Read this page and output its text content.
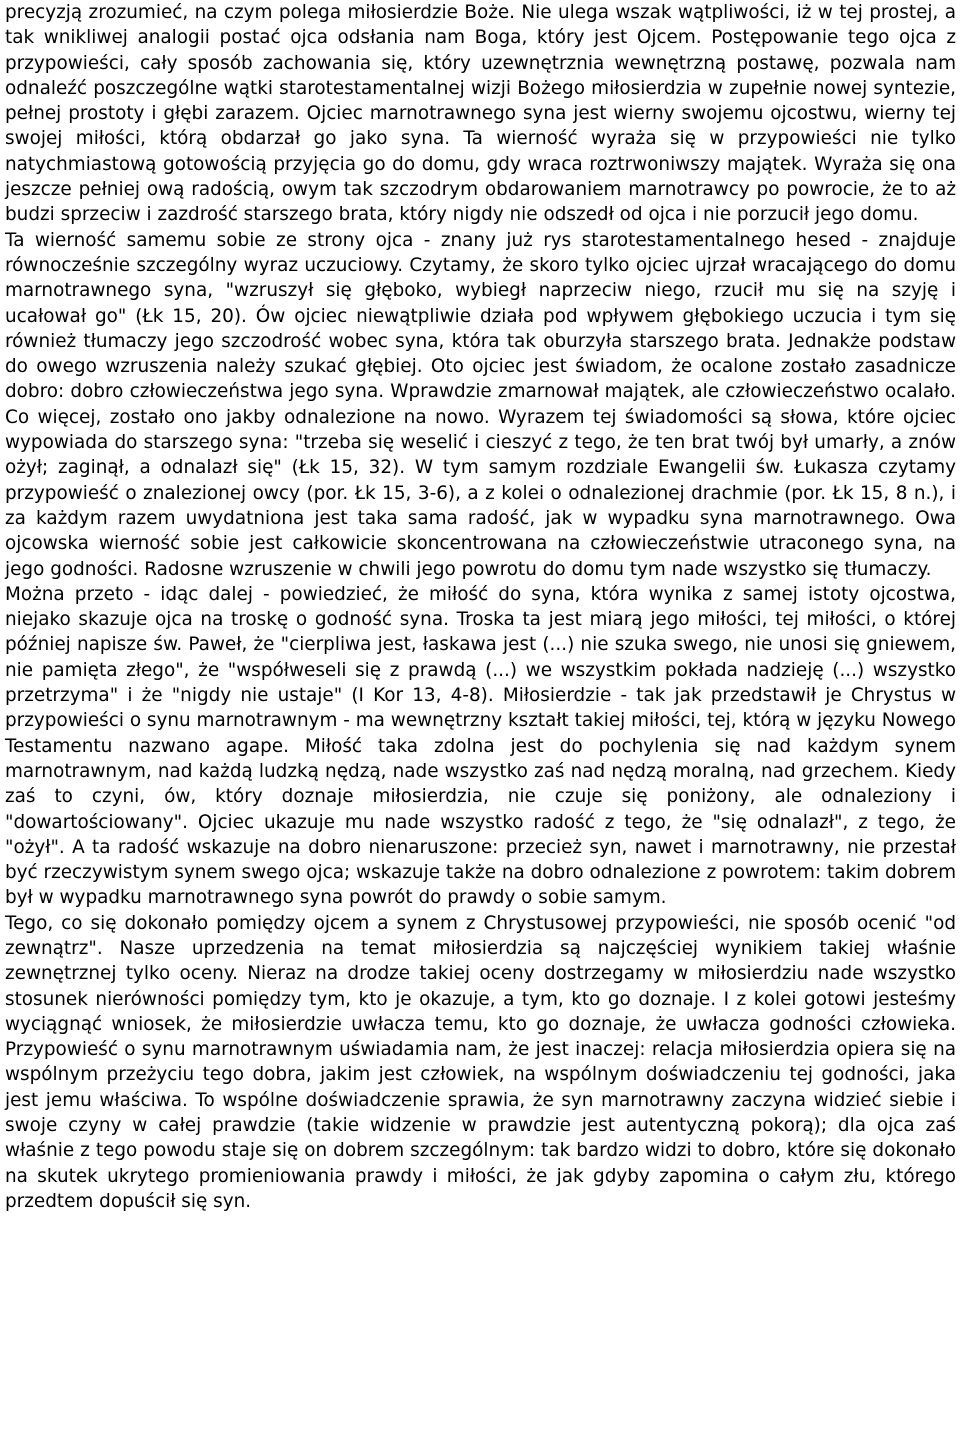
precyzją zrozumieć, na czym polega miłosierdzie Boże. Nie ulega wszak wątpliwości, iż w tej prostej, a tak wnikliwej analogii postać ojca odsłania nam Boga, który jest Ojcem. Postępowanie tego ojca z przypowieści, cały sposób zachowania się, który uzewnętrznia wewnętrzną postawę, pozwala nam odnaleźć poszczególne wątki starotestamentalnej wizji Bożego miłosierdzia w zupełnie nowej syntezie, pełnej prostoty i głębi zarazem. Ojciec marnotrawnego syna jest wierny swojemu ojcostwu, wierny tej swojej miłości, którą obdarzał go jako syna. Ta wierność wyraża się w przypowieści nie tylko natychmiastową gotowością przyjęcia go do domu, gdy wraca roztrwoniwszy majątek. Wyraża się ona jeszcze pełniej ową radością, owym tak szczodrym obdarowaniem marnotrawcy po powrocie, że to aż budzi sprzeciw i zazdrość starszego brata, który nigdy nie odszedł od ojca i nie porzucił jego domu.

Ta wierność samemu sobie ze strony ojca - znany już rys starotestamentalnego hesed - znajduje równocześnie szczególny wyraz uczuciowy. Czytamy, że skoro tylko ojciec ujrzał wracającego do domu marnotrawnego syna, "wzruszył się głęboko, wybiegł naprzeciw niego, rzucił mu się na szyję i ucałował go" (Łk 15, 20). Ów ojciec niewątpliwie działa pod wpływem głębokiego uczucia i tym się również tłumaczy jego szczodrość wobec syna, która tak oburzyła starszego brata. Jednakże podstaw do owego wzruszenia należy szukać głębiej. Oto ojciec jest świadom, że ocalone zostało zasadnicze dobro: dobro człowieczeństwa jego syna. Wprawdzie zmarnował majątek, ale człowieczeństwo ocalało. Co więcej, zostało ono jakby odnalezione na nowo. Wyrazem tej świadomości są słowa, które ojciec wypowiada do starszego syna: "trzeba się weselić i cieszyć z tego, że ten brat twój był umarły, a znów ożył; zaginął, a odnalazł się" (Łk 15, 32). W tym samym rozdziale Ewangelii św. Łukasza czytamy przypowieść o znalezionej owcy (por. Łk 15, 3-6), a z kolei o odnalezionej drachmie (por. Łk 15, 8 n.), i za każdym razem uwydatniona jest taka sama radość, jak w wypadku syna marnotrawnego. Owa ojcowska wierność sobie jest całkowicie skoncentrowana na człowieczeństwie utraconego syna, na jego godności. Radosne wzruszenie w chwili jego powrotu do domu tym nade wszystko się tłumaczy.

Można przeto - idąc dalej - powiedzieć, że miłość do syna, która wynika z samej istoty ojcostwa, niejako skazuje ojca na troskę o godność syna. Troska ta jest miarą jego miłości, tej miłości, o której później napisze św. Paweł, że "cierpliwa jest, łaskawa jest (...) nie szuka swego, nie unosi się gniewem, nie pamięta złego", że "współweseli się z prawdą (...) we wszystkim pokłada nadzieję (...) wszystko przetrzyma" i że "nigdy nie ustaje" (I Kor 13, 4-8). Miłosierdzie - tak jak przedstawił je Chrystus w przypowieści o synu marnotrawnym - ma wewnętrzny kształt takiej miłości, tej, którą w języku Nowego Testamentu nazwano agape. Miłość taka zdolna jest do pochylenia się nad każdym synem marnotrawnym, nad każdą ludzką nędzą, nade wszystko zaś nad nędzą moralną, nad grzechem. Kiedy zaś to czyni, ów, który doznaje miłosierdzia, nie czuje się poniżony, ale odnaleziony i "dowartościowany". Ojciec ukazuje mu nade wszystko radość z tego, że "się odnalazł", z tego, że "ożył". A ta radość wskazuje na dobro nienaruszone: przecież syn, nawet i marnotrawny, nie przestał być rzeczywistym synem swego ojca; wskazuje także na dobro odnalezione z powrotem: takim dobrem był w wypadku marnotrawnego syna powrót do prawdy o sobie samym.

Tego, co się dokonało pomiędzy ojcem a synem z Chrystusowej przypowieści, nie sposób ocenić "od zewnątrz". Nasze uprzedzenia na temat miłosierdzia są najczęściej wynikiem takiej właśnie zewnętrznej tylko oceny. Nieraz na drodze takiej oceny dostrzegamy w miłosierdziu nade wszystko stosunek nierówności pomiędzy tym, kto je okazuje, a tym, kto go doznaje. I z kolei gotowi jesteśmy wyciągnąć wniosek, że miłosierdzie uwłacza temu, kto go doznaje, że uwłacza godności człowieka. Przypowieść o synu marnotrawnym uświadamia nam, że jest inaczej: relacja miłosierdzia opiera się na wspólnym przeżyciu tego dobra, jakim jest człowiek, na wspólnym doświadczeniu tej godności, jaka jest jemu właściwa. To wspólne doświadczenie sprawia, że syn marnotrawny zaczyna widzieć siebie i swoje czyny w całej prawdzie (takie widzenie w prawdzie jest autentyczną pokorą); dla ojca zaś właśnie z tego powodu staje się on dobrem szczególnym: tak bardzo widzi to dobro, które się dokonało na skutek ukrytego promieniowania prawdy i miłości, że jak gdyby zapomina o całym złu, którego przedtem dopuścił się syn.
